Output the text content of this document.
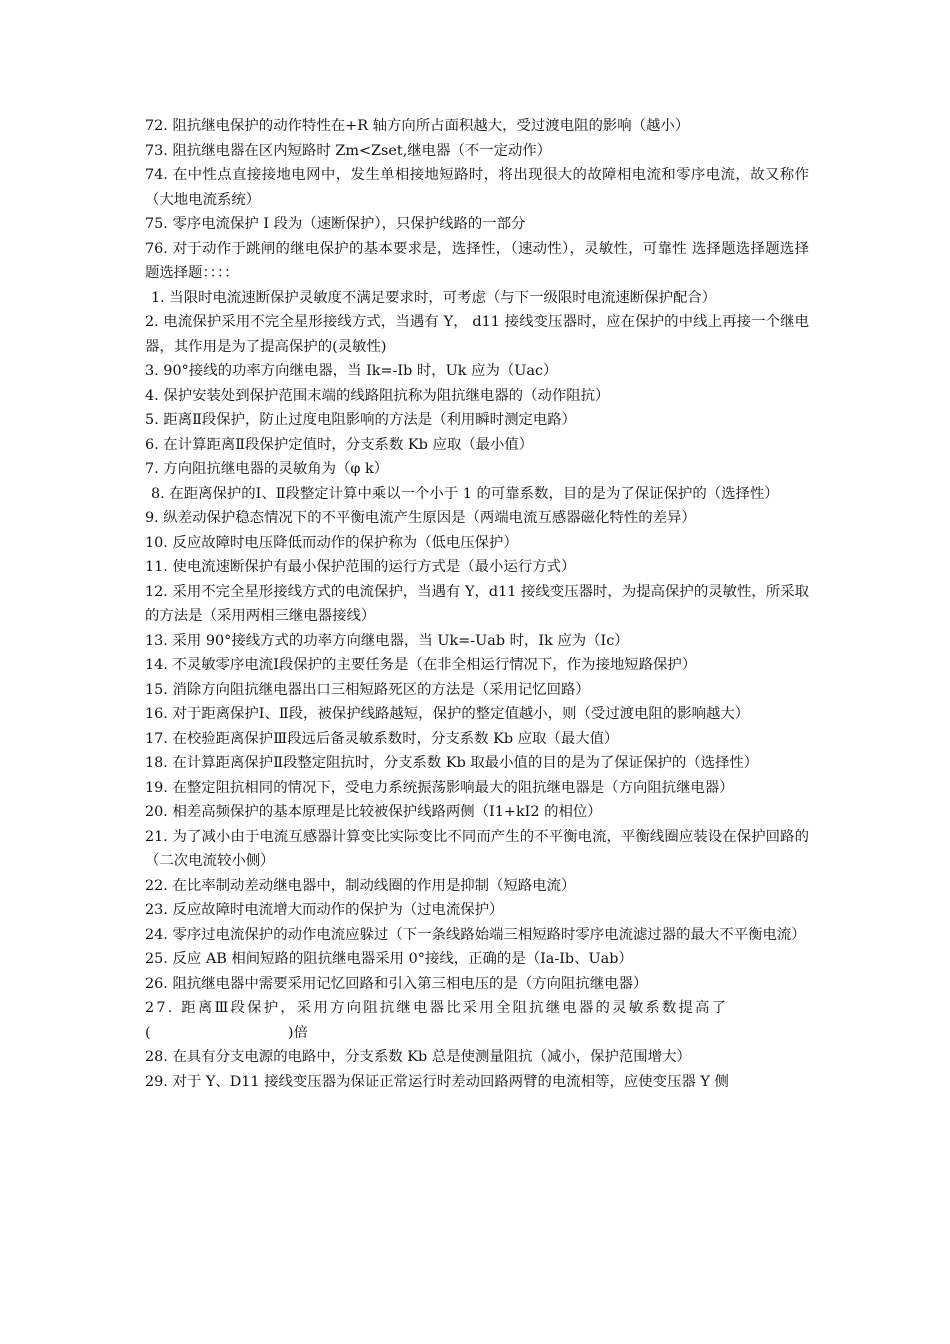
72. 阻抗继电保护的动作特性在+R 轴方向所占面积越大，受过渡电阻的影响（越小）

73. 阻抗继电器在区内短路时 Zm<Zset,继电器（不一定动作）

74. 在中性点直接接地电网中，发生单相接地短路时，将出现很大的故障相电流和零序电流，故又称作（大地电流系统）

75. 零序电流保护 I 段为（速断保护），只保护线路的一部分

76. 对于动作于跳闸的继电保护的基本要求是，选择性，（速动性），灵敏性，可靠性 选择题选择题选择题选择题：：：：

1. 当限时电流速断保护灵敏度不满足要求时，可考虑（与下一级限时电流速断保护配合）

2. 电流保护采用不完全星形接线方式，当遇有 Y， d11 接线变压器时，应在保护的中线上再接一个继电器，其作用是为了提高保护的(灵敏性)

3. 90°接线的功率方向继电器，当 Ik=-Ib 时，Uk 应为（Uac）

4. 保护安装处到保护范围末端的线路阻抗称为阻抗继电器的（动作阻抗）

5. 距离Ⅱ段保护，防止过度电阻影响的方法是（利用瞬时测定电路）

6. 在计算距离Ⅱ段保护定值时，分支系数 Kb 应取（最小值）

7. 方向阻抗继电器的灵敏角为（φ k）

8. 在距离保护的Ⅰ、Ⅱ段整定计算中乘以一个小于 1 的可靠系数，目的是为了保证保护的（选择性）

9. 纵差动保护稳态情况下的不平衡电流产生原因是（两端电流互感器磁化特性的差异）

10. 反应故障时电压降低而动作的保护称为（低电压保护）

11. 使电流速断保护有最小保护范围的运行方式是（最小运行方式）

12. 采用不完全星形接线方式的电流保护，当遇有 Y，d11 接线变压器时，为提高保护的灵敏性，所采取的方法是（采用两相三继电器接线）

13. 采用 90°接线方式的功率方向继电器，当 Uk=-Uab 时，Ik 应为（Ic）

14. 不灵敏零序电流Ⅰ段保护的主要任务是（在非全相运行情况下，作为接地短路保护）

15. 消除方向阻抗继电器出口三相短路死区的方法是（采用记忆回路）

16. 对于距离保护Ⅰ、Ⅱ段，被保护线路越短，保护的整定值越小，则（受过渡电阻的影响越大）

17. 在校验距离保护Ⅲ段远后备灵敏系数时，分支系数 Kb 应取（最大值）

18. 在计算距离保护Ⅱ段整定阻抗时，分支系数 Kb 取最小值的目的是为了保证保护的（选择性）

19. 在整定阻抗相同的情况下，受电力系统振荡影响最大的阻抗继电器是（方向阻抗继电器）

20. 相差高频保护的基本原理是比较被保护线路两侧（I1+kI2 的相位）

21. 为了减小由于电流互感器计算变比实际变比不同而产生的不平衡电流，平衡线圈应装设在保护回路的（二次电流较小侧）

22. 在比率制动差动继电器中，制动线圈的作用是抑制（短路电流）

23. 反应故障时电流增大而动作的保护为（过电流保护）

24. 零序过电流保护的动作电流应躲过（下一条线路始端三相短路时零序电流滤过器的最大不平衡电流）

25. 反应 AB 相间短路的阻抗继电器采用 0°接线，正确的是（Ia-Ib、Uab）

26. 阻抗继电器中需要采用记忆回路和引入第三相电压的是（方向阻抗继电器）

27. 距离Ⅲ段保护，采用方向阻抗继电器比采用全阻抗继电器的灵敏系数提高了

(                              )倍

28. 在具有分支电源的电路中，分支系数 Kb 总是使测量阻抗（减小，保护范围增大）

29. 对于 Y、D11 接线变压器为保证正常运行时差动回路两臂的电流相等，应使变压器 Y 侧
